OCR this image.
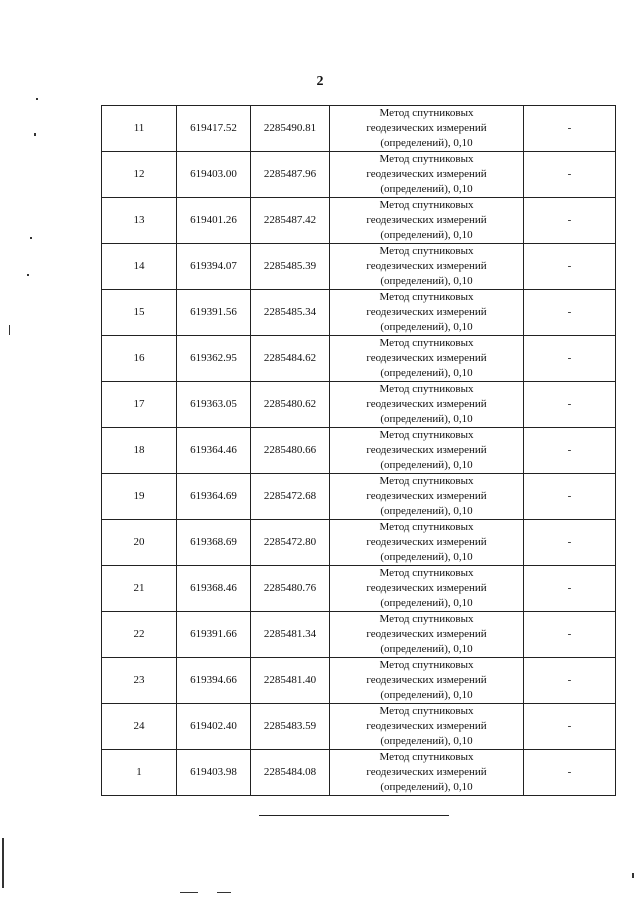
2
11	619417.52	2285490.81	Метод спутниковых
геодезических измерений
(определений), 0,10	-
12	619403.00	2285487.96	Метод спутниковых
геодезических измерений
(определений), 0,10	-
13	619401.26	2285487.42	Метод спутниковых
геодезических измерений
(определений), 0,10	-
14	619394.07	2285485.39	Метод спутниковых
геодезических измерений
(определений), 0,10	-
15	619391.56	2285485.34	Метод спутниковых
геодезических измерений
(определений), 0,10	-
16	619362.95	2285484.62	Метод спутниковых
геодезических измерений
(определений), 0,10	-
17	619363.05	2285480.62	Метод спутниковых
геодезических измерений
(определений), 0,10	-
18	619364.46	2285480.66	Метод спутниковых
геодезических измерений
(определений), 0,10	-
19	619364.69	2285472.68	Метод спутниковых
геодезических измерений
(определений), 0,10	-
20	619368.69	2285472.80	Метод спутниковых
геодезических измерений
(определений), 0,10	-
21	619368.46	2285480.76	Метод спутниковых
геодезических измерений
(определений), 0,10	-
22	619391.66	2285481.34	Метод спутниковых
геодезических измерений
(определений), 0,10	-
23	619394.66	2285481.40	Метод спутниковых
геодезических измерений
(определений), 0,10	-
24	619402.40	2285483.59	Метод спутниковых
геодезических измерений
(определений), 0,10	-
1	619403.98	2285484.08	Метод спутниковых
геодезических измерений
(определений), 0,10	-
